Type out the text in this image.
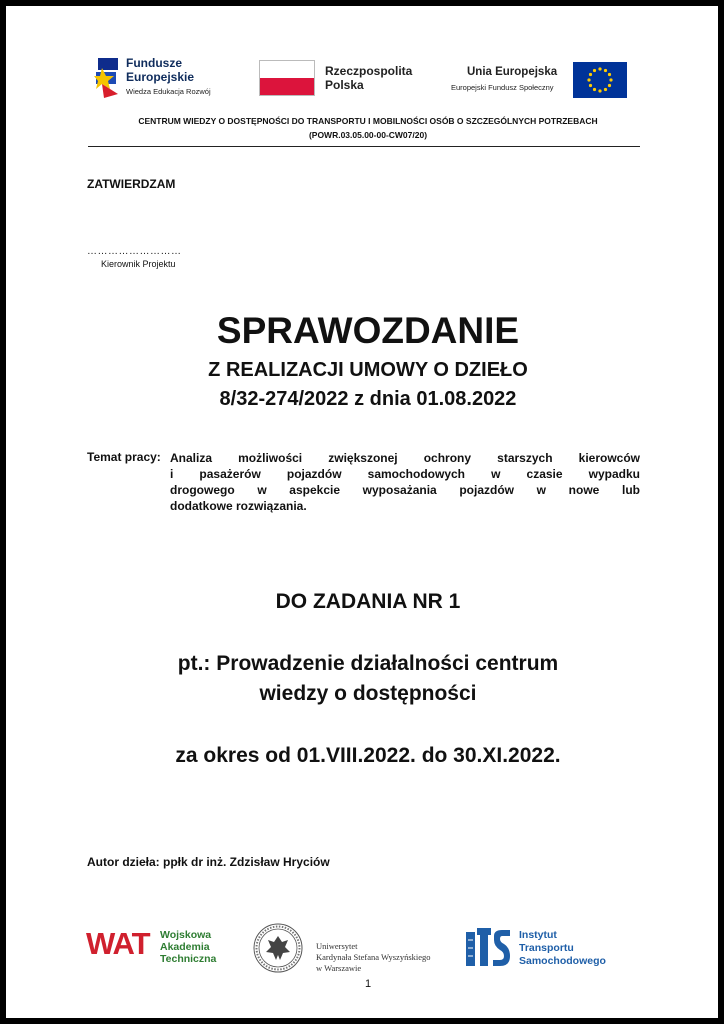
Fundusze
Europejskie
Wiedza Edukacja Rozwój
Rzeczpospolita
Polska
Unia Europejska
Europejski Fundusz Społeczny
CENTRUM WIEDZY O DOSTĘPNOŚCI DO TRANSPORTU I MOBILNOŚCI OSÓB O SZCZEGÓLNYCH POTRZEBACH
(POWR.03.05.00-00-CW07/20)
ZATWIERDZAM
………………………
Kierownik Projektu
SPRAWOZDANIE
Z REALIZACJI UMOWY O DZIEŁO
8/32-274/2022 z dnia 01.08.2022
Temat pracy: Analiza możliwości zwiększonej ochrony starszych kierowców
i pasażerów pojazdów samochodowych w czasie wypadku
drogowego w aspekcie wyposażania pojazdów w nowe lub
dodatkowe rozwiązania.
DO ZADANIA NR 1
pt.: Prowadzenie działalności centrum
wiedzy o dostępności
za okres od 01.VIII.2022. do 30.XI.2022.
Autor dzieła: ppłk dr inż. Zdzisław Hryciów
WAT Wojskowa
Akademia
Techniczna
Uniwersytet
Kardynała Stefana Wyszyńskiego
w Warszawie
Instytut
Transportu
Samochodowego
1
